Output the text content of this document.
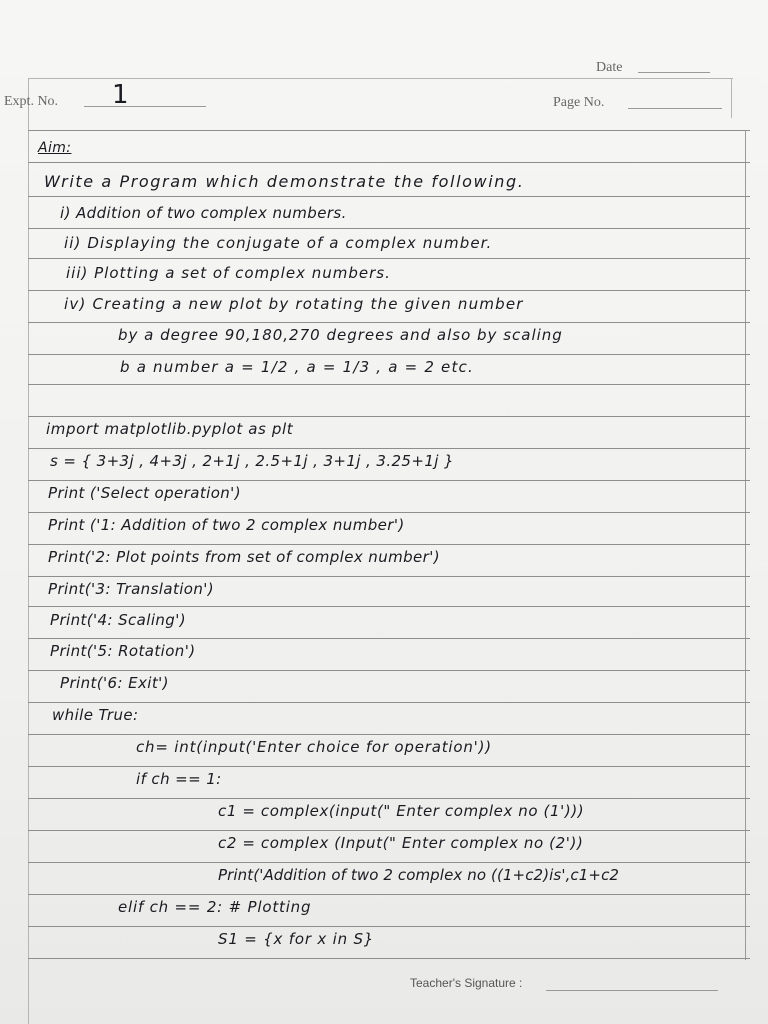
Date
Expt. No. 1	Page No.
Aim:
Write a Program which demonstrate the following.
i) Addition of two complex numbers.
ii) Displaying the conjugate of a complex number.
iii) Plotting a set of complex numbers.
iv) Creating a new plot by rotating the given number
by a degree 90,180,270 degrees and also by scaling
b a number a = 1/2 , a = 1/3 , a = 2 etc.
import matplotlib.pyplot as plt
s = { 3+3j , 4+3j , 2+1j , 2.5+1j , 3+1j , 3.25+1j }
Print ('Select operation')
Print ('1: Addition of two 2 complex number')
Print('2: Plot points from set of complex number')
Print('3: Translation')
Print('4: Scaling')
Print('5: Rotation')
Print('6: Exit')
while True:
ch= int(input('Enter choice for operation'))
if ch == 1:
c1 = complex(input(" Enter complex no (1')))
c2 = complex (Input(" Enter complex no (2'))
Print('Addition of two 2 complex no ((1+c2)is',c1+c2
elif ch == 2: # Plotting
S1 = {x for x in S}
Teacher's Signature :
